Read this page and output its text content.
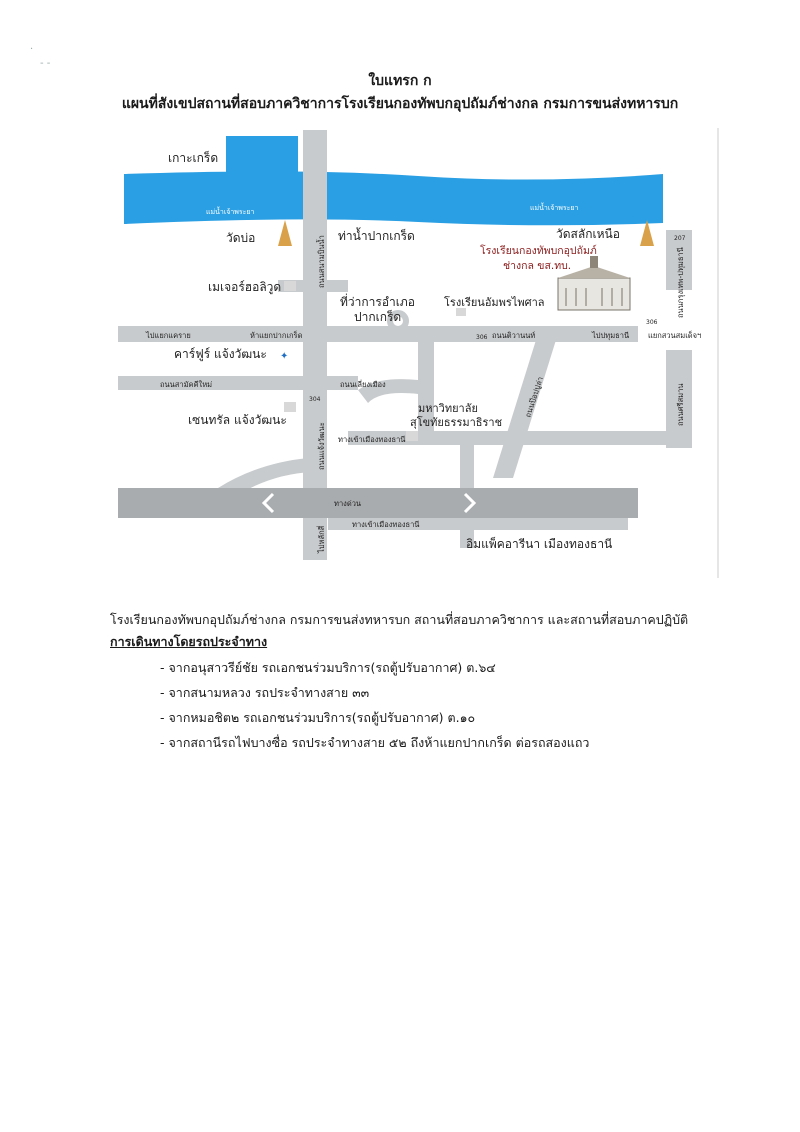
·
- -
ใบแทรก ก
แผนที่สังเขปสถานที่สอบภาควิชาการโรงเรียนกองทัพบกอุปถัมภ์ช่างกล กรมการขนส่งทหารบก
✦
เกาะเกร็ด
แม่น้ำเจ้าพระยา	แม่น้ำเจ้าพระยา
วัดบ่อ	ท่าน้ำปากเกร็ด	วัดสลักเหนือ
โรงเรียนกองทัพบกอุปถัมภ์
ช่างกล ขส.ทบ.
เมเจอร์ฮอลิวูด
ที่ว่าการอำเภอ
ปากเกร็ด
โรงเรียนอัมพรไพศาล
ไปแยกแคราย	ห้าแยกปากเกร็ด	ถนนติวานนท์	ไปปทุมธานี	แยกสวนสมเด็จฯ
คาร์ฟูร์ แจ้งวัฒนะ
ถนนสามัคคีใหม่	ถนนเลี่ยงเมือง
มหาวิทยาลัย
สุโขทัยธรรมาธิราช
เซนทรัล แจ้งวัฒนะ
ทางเข้าเมืองทองธานี
ทางด่วน
ทางเข้าเมืองทองธานี
อิมแพ็คอารีนา เมืองทองธานี
ถนนสนามบินน้ำ
ถนนแจ้งวัฒนะ
ไปหลักสี่
ถนนกรุงเทพ-ปทุมธานี
ถนนศรีสมาน
ถนนป๊อปปูล่า
306
306
304
207
โรงเรียนกองทัพบกอุปถัมภ์ช่างกล กรมการขนส่งทหารบก สถานที่สอบภาควิชาการ และสถานที่สอบภาคปฏิบัติ
การเดินทางโดยรถประจำทาง
- จากอนุสาวรีย์ชัย รถเอกชนร่วมบริการ(รถตู้ปรับอากาศ) ต.๖๔
- จากสนามหลวง รถประจำทางสาย ๓๓
- จากหมอชิต๒ รถเอกชนร่วมบริการ(รถตู้ปรับอากาศ) ต.๑๐
- จากสถานีรถไฟบางซื่อ รถประจำทางสาย ๕๒ ถึงห้าแยกปากเกร็ด ต่อรถสองแถว
